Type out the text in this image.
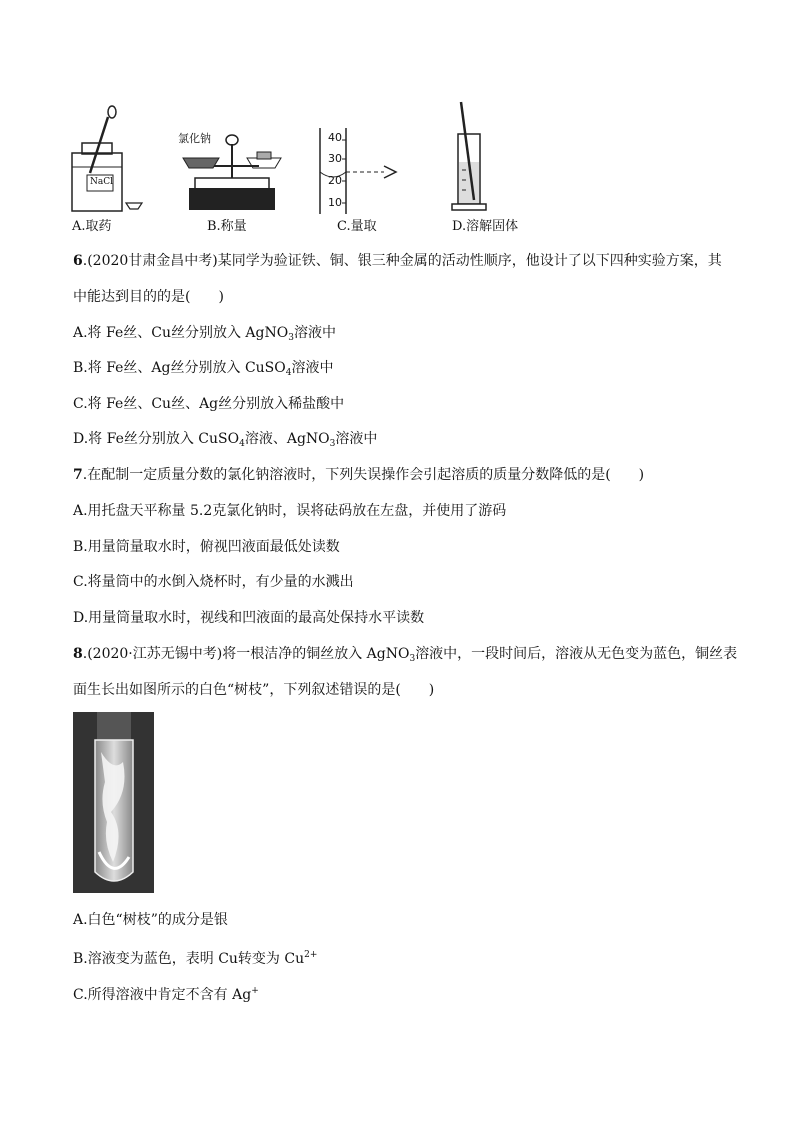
NaCl
A.取药
氯化钠
B.称量
40
30
20
10
C.量取	D.溶解固体
6.(2020甘肃金昌中考)某同学为验证铁、铜、银三种金属的活动性顺序，他设计了以下四种实验方案，其
中能达到目的的是(　　)
A.将 Fe丝、Cu丝分别放入 AgNO$_3$溶液中
B.将 Fe丝、Ag丝分别放入 CuSO$_4$溶液中
C.将 Fe丝、Cu丝、Ag丝分别放入稀盐酸中
D.将 Fe丝分别放入 CuSO$_4$溶液、AgNO$_3$溶液中
7.在配制一定质量分数的氯化钠溶液时，下列失误操作会引起溶质的质量分数降低的是(　　)
A.用托盘天平称量 5.2克氯化钠时，误将砝码放在左盘，并使用了游码
B.用量筒量取水时，俯视凹液面最低处读数
C.将量筒中的水倒入烧杯时，有少量的水溅出
D.用量筒量取水时，视线和凹液面的最高处保持水平读数
8.(2020·江苏无锡中考)将一根洁净的铜丝放入 AgNO$_3$溶液中，一段时间后，溶液从无色变为蓝色，铜丝表
面生长出如图所示的白色“树枝”，下列叙述错误的是(　　)
A.白色“树枝”的成分是银
B.溶液变为蓝色，表明 Cu转变为 $Cu^{2+}$
C.所得溶液中肯定不含有 Ag+
